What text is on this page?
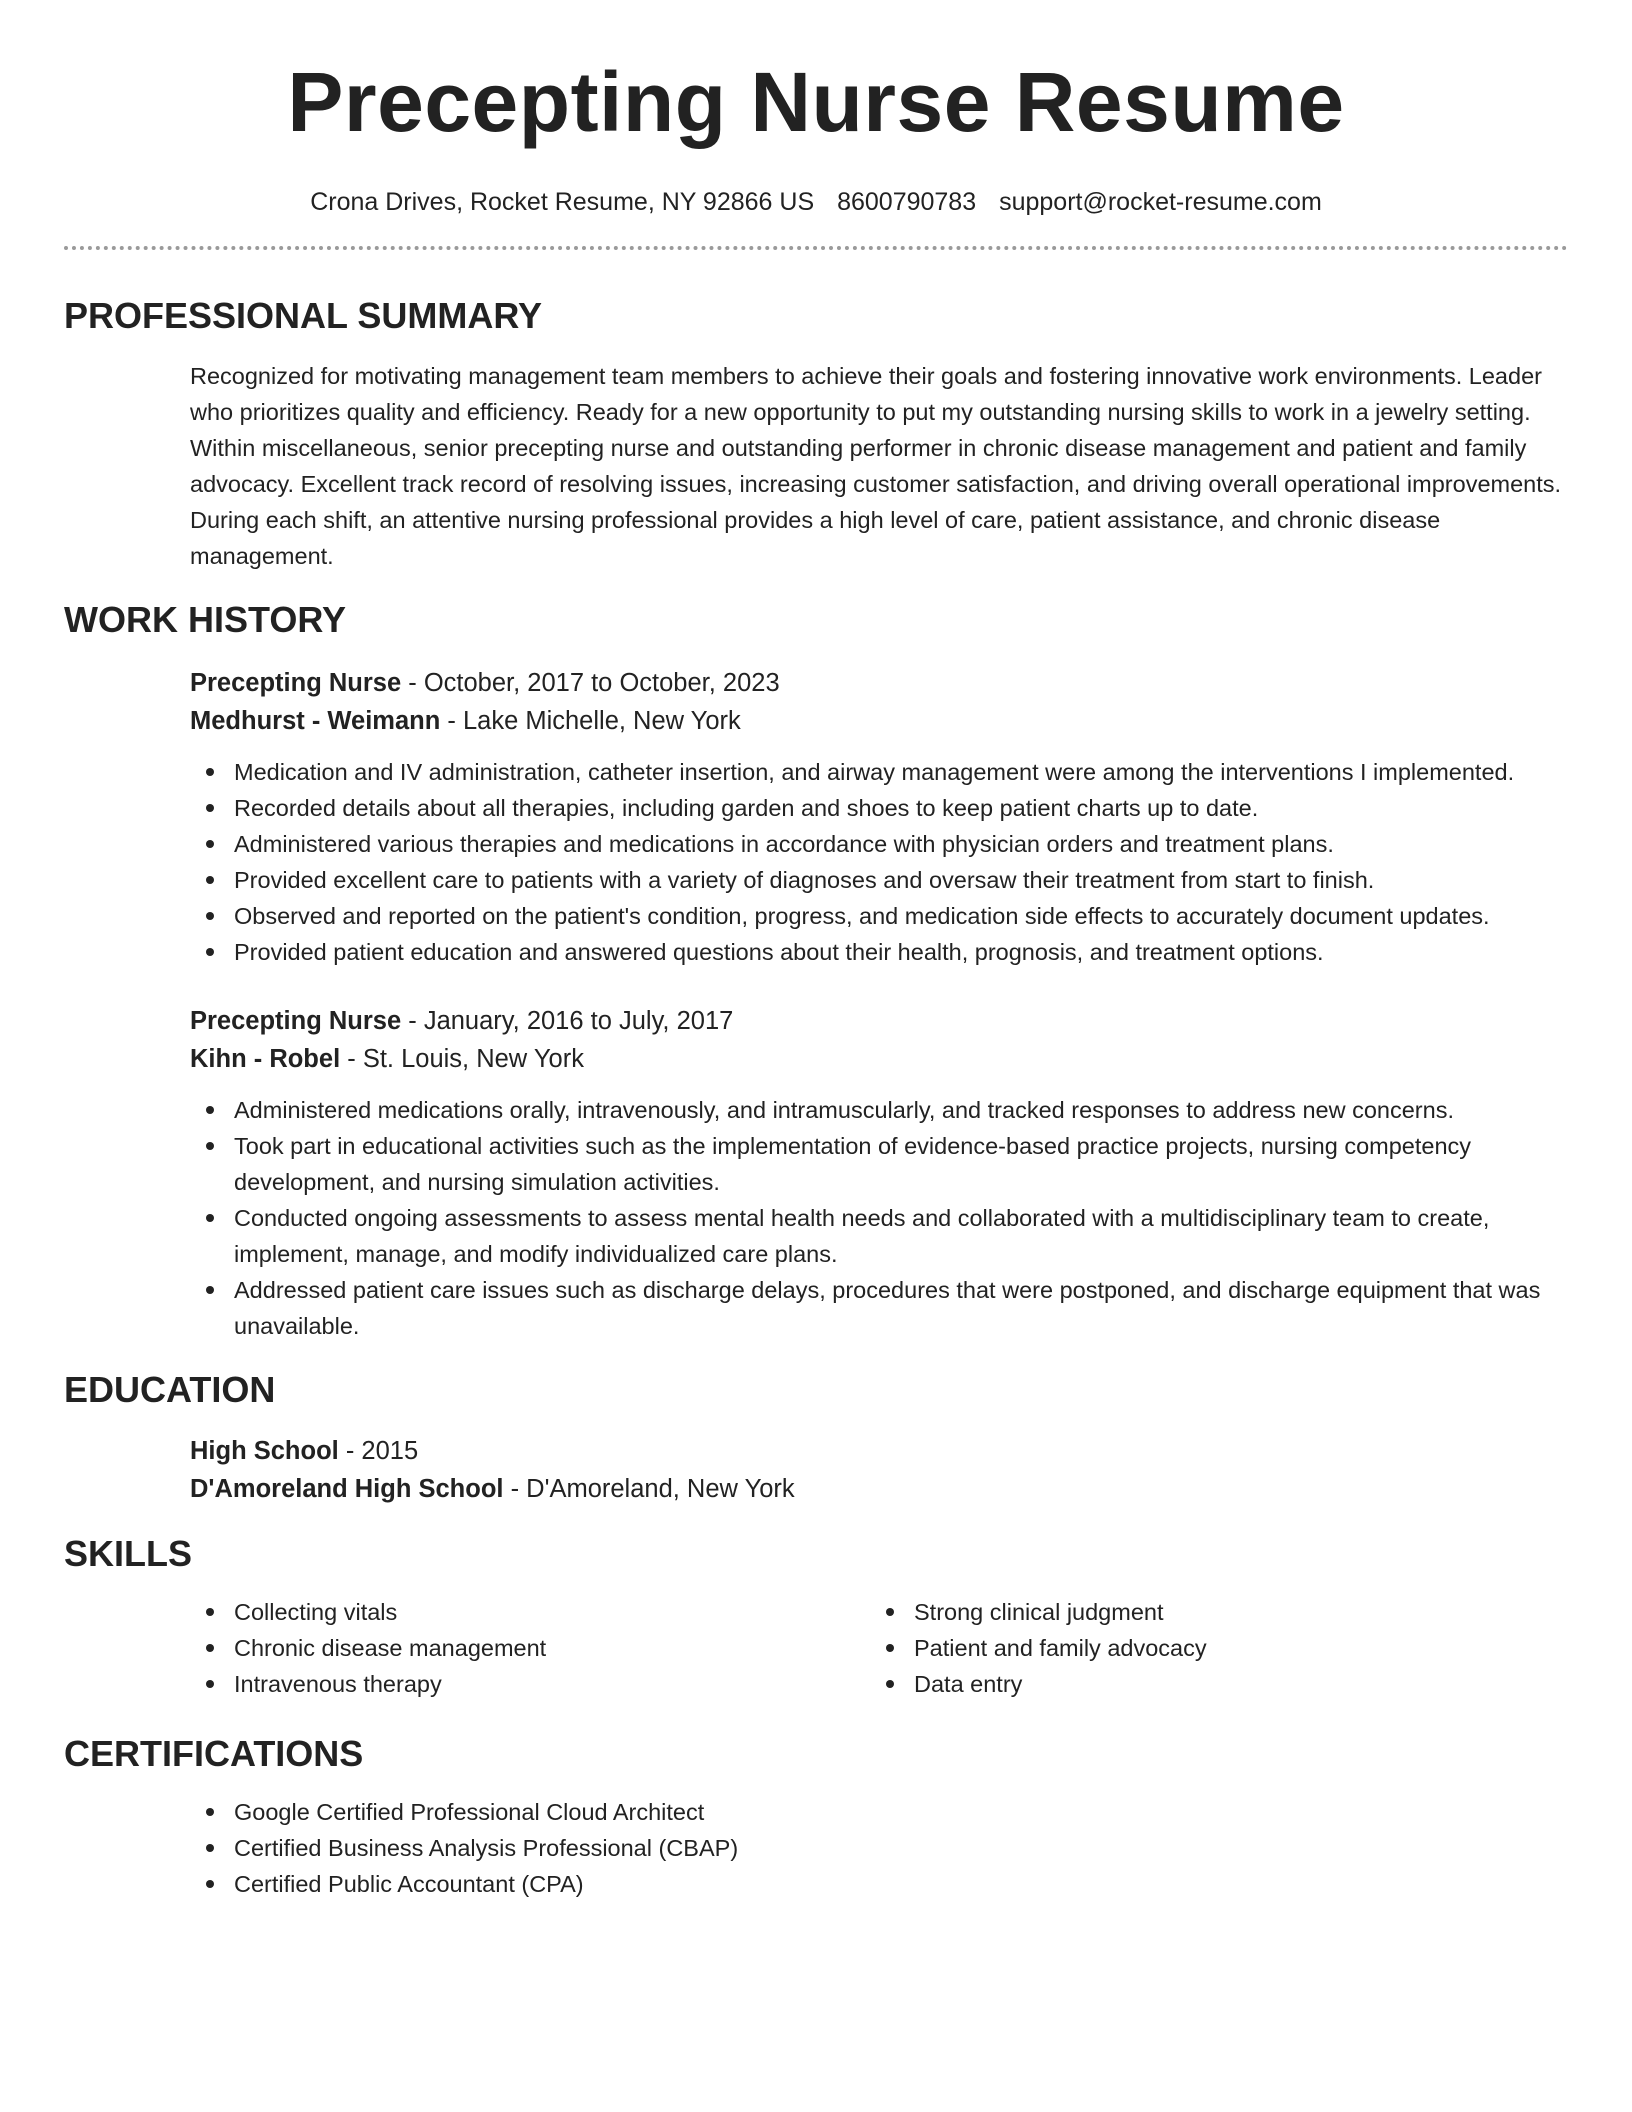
Precepting Nurse Resume
Crona Drives, Rocket Resume, NY 92866 US 8600790783 support@rocket-resume.com
PROFESSIONAL SUMMARY

Recognized for motivating management team members to achieve their goals and fostering innovative work environments. Leader who prioritizes quality and efficiency. Ready for a new opportunity to put my outstanding nursing skills to work in a jewelry setting. Within miscellaneous, senior precepting nurse and outstanding performer in chronic disease management and patient and family advocacy. Excellent track record of resolving issues, increasing customer satisfaction, and driving overall operational improvements. During each shift, an attentive nursing professional provides a high level of care, patient assistance, and chronic disease management.

WORK HISTORY
Precepting Nurse - October, 2017 to October, 2023
Medhurst - Weimann - Lake Michelle, New York
Medication and IV administration, catheter insertion, and airway management were among the interventions I implemented.
Recorded details about all therapies, including garden and shoes to keep patient charts up to date.
Administered various therapies and medications in accordance with physician orders and treatment plans.
Provided excellent care to patients with a variety of diagnoses and oversaw their treatment from start to finish.
Observed and reported on the patient's condition, progress, and medication side effects to accurately document updates.
Provided patient education and answered questions about their health, prognosis, and treatment options.
Precepting Nurse - January, 2016 to July, 2017
Kihn - Robel - St. Louis, New York
Administered medications orally, intravenously, and intramuscularly, and tracked responses to address new concerns.
Took part in educational activities such as the implementation of evidence-based practice projects, nursing competency development, and nursing simulation activities.
Conducted ongoing assessments to assess mental health needs and collaborated with a multidisciplinary team to create, implement, manage, and modify individualized care plans.
Addressed patient care issues such as discharge delays, procedures that were postponed, and discharge equipment that was unavailable.
EDUCATION
High School - 2015
D'Amoreland High School - D'Amoreland, New York
SKILLS
Collecting vitals
Chronic disease management
Intravenous therapy
Strong clinical judgment
Patient and family advocacy
Data entry
CERTIFICATIONS
Google Certified Professional Cloud Architect
Certified Business Analysis Professional (CBAP)
Certified Public Accountant (CPA)
